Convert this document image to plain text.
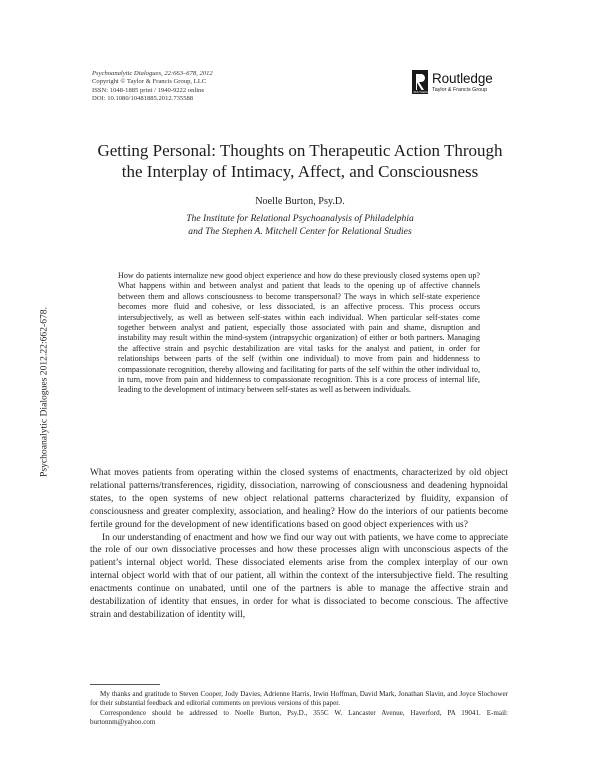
Psychoanalytic Dialogues, 22:663–678, 2012
Copyright © Taylor & Francis Group, LLC
ISSN: 1048-1885 print / 1940-9222 online
DOI: 10.1080/10481885.2012.735588
ROUTLEDGE
Routledge
Taylor & Francis Group
Psychoanalytic Dialogues 2012.22:662-678.
Getting Personal: Thoughts on Therapeutic Action Through
the Interplay of Intimacy, Affect, and Consciousness
Noelle Burton, Psy.D.
The Institute for Relational Psychoanalysis of Philadelphia
and The Stephen A. Mitchell Center for Relational Studies

How do patients internalize new good object experience and how do these previously closed systems open up? What happens within and between analyst and patient that leads to the opening up of affective channels between them and allows consciousness to become transpersonal? The ways in which self-state experience becomes more fluid and cohesive, or less dissociated, is an affective process. This process occurs intersubjectively, as well as between self-states within each individual. When particular self-states come together between analyst and patient, especially those associated with pain and shame, disruption and instability may result within the mind-system (intrapsychic organization) of either or both partners. Managing the affective strain and psychic destabilization are vital tasks for the analyst and patient, in order for relationships between parts of the self (within one individual) to move from pain and hiddenness to compassionate recognition, thereby allowing and facilitating for parts of the self within the other individual to, in turn, move from pain and hiddenness to compassionate recognition. This is a core process of internal life, leading to the development of intimacy between self-states as well as between individuals.

What moves patients from operating within the closed systems of enactments, characterized by old object relational patterns/transferences, rigidity, dissociation, narrowing of consciousness and deadening hypnoidal states, to the open systems of new object relational patterns characterized by fluidity, expansion of consciousness and greater complexity, association, and healing? How do the interiors of our patients become fertile ground for the development of new identifications based on good object experiences with us?

In our understanding of enactment and how we find our way out with patients, we have come to appreciate the role of our own dissociative processes and how these processes align with unconscious aspects of the patient’s internal object world. These dissociated elements arise from the complex interplay of our own internal object world with that of our patient, all within the context of the intersubjective field. The resulting enactments continue on unabated, until one of the partners is able to manage the affective strain and destabilization of identity that ensues, in order for what is dissociated to become conscious. The affective strain and destabilization of identity will,

My thanks and gratitude to Steven Cooper, Jody Davies, Adrienne Harris, Irwin Hoffman, David Mark, Jonathan Slavin, and Joyce Slochower for their substantial feedback and editorial comments on previous versions of this paper.

Correspondence should be addressed to Noelle Burton, Psy.D., 355C W. Lancaster Avenue, Haverford, PA 19041. E-mail: burtonnm@yahoo.com
